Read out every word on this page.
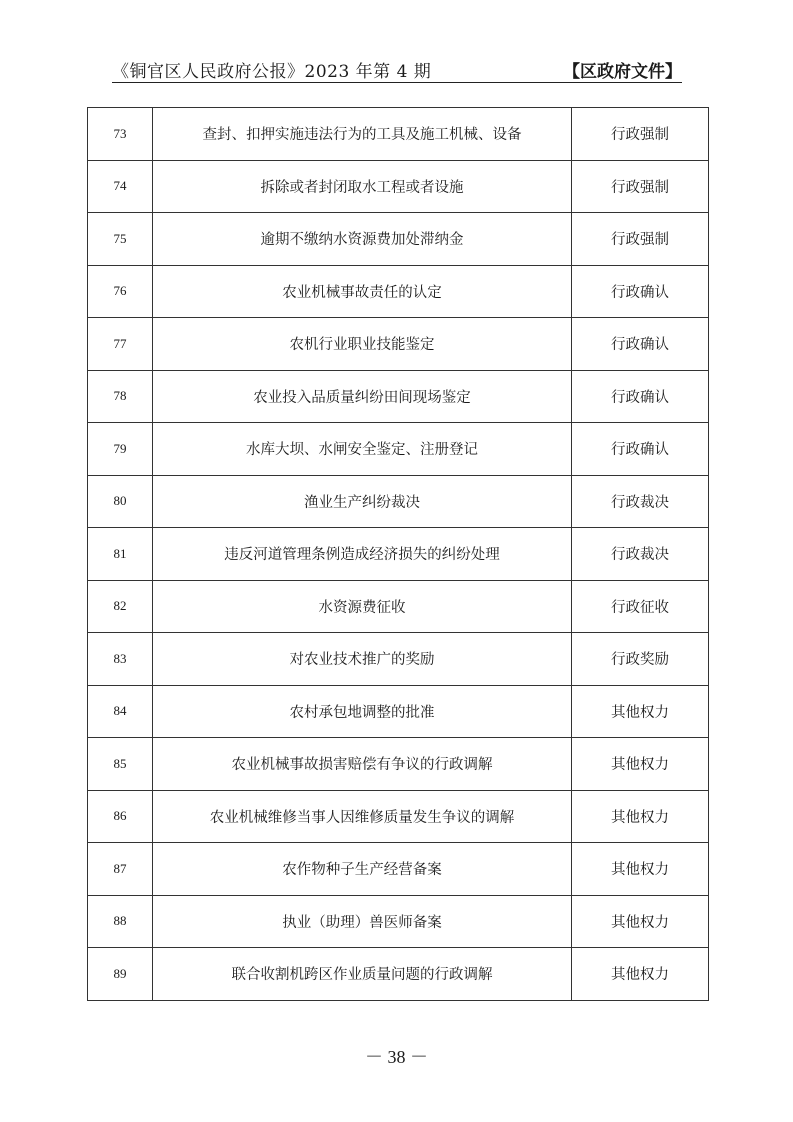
《铜官区人民政府公报》2023 年第 4 期	【区政府文件】
73	查封、扣押实施违法行为的工具及施工机械、设备	行政强制
74	拆除或者封闭取水工程或者设施	行政强制
75	逾期不缴纳水资源费加处滞纳金	行政强制
76	农业机械事故责任的认定	行政确认
77	农机行业职业技能鉴定	行政确认
78	农业投入品质量纠纷田间现场鉴定	行政确认
79	水库大坝、水闸安全鉴定、注册登记	行政确认
80	渔业生产纠纷裁决	行政裁决
81	违反河道管理条例造成经济损失的纠纷处理	行政裁决
82	水资源费征收	行政征收
83	对农业技术推广的奖励	行政奖励
84	农村承包地调整的批准	其他权力
85	农业机械事故损害赔偿有争议的行政调解	其他权力
86	农业机械维修当事人因维修质量发生争议的调解	其他权力
87	农作物种子生产经营备案	其他权力
88	执业（助理）兽医师备案	其他权力
89	联合收割机跨区作业质量问题的行政调解	其他权力
－ 38 －
